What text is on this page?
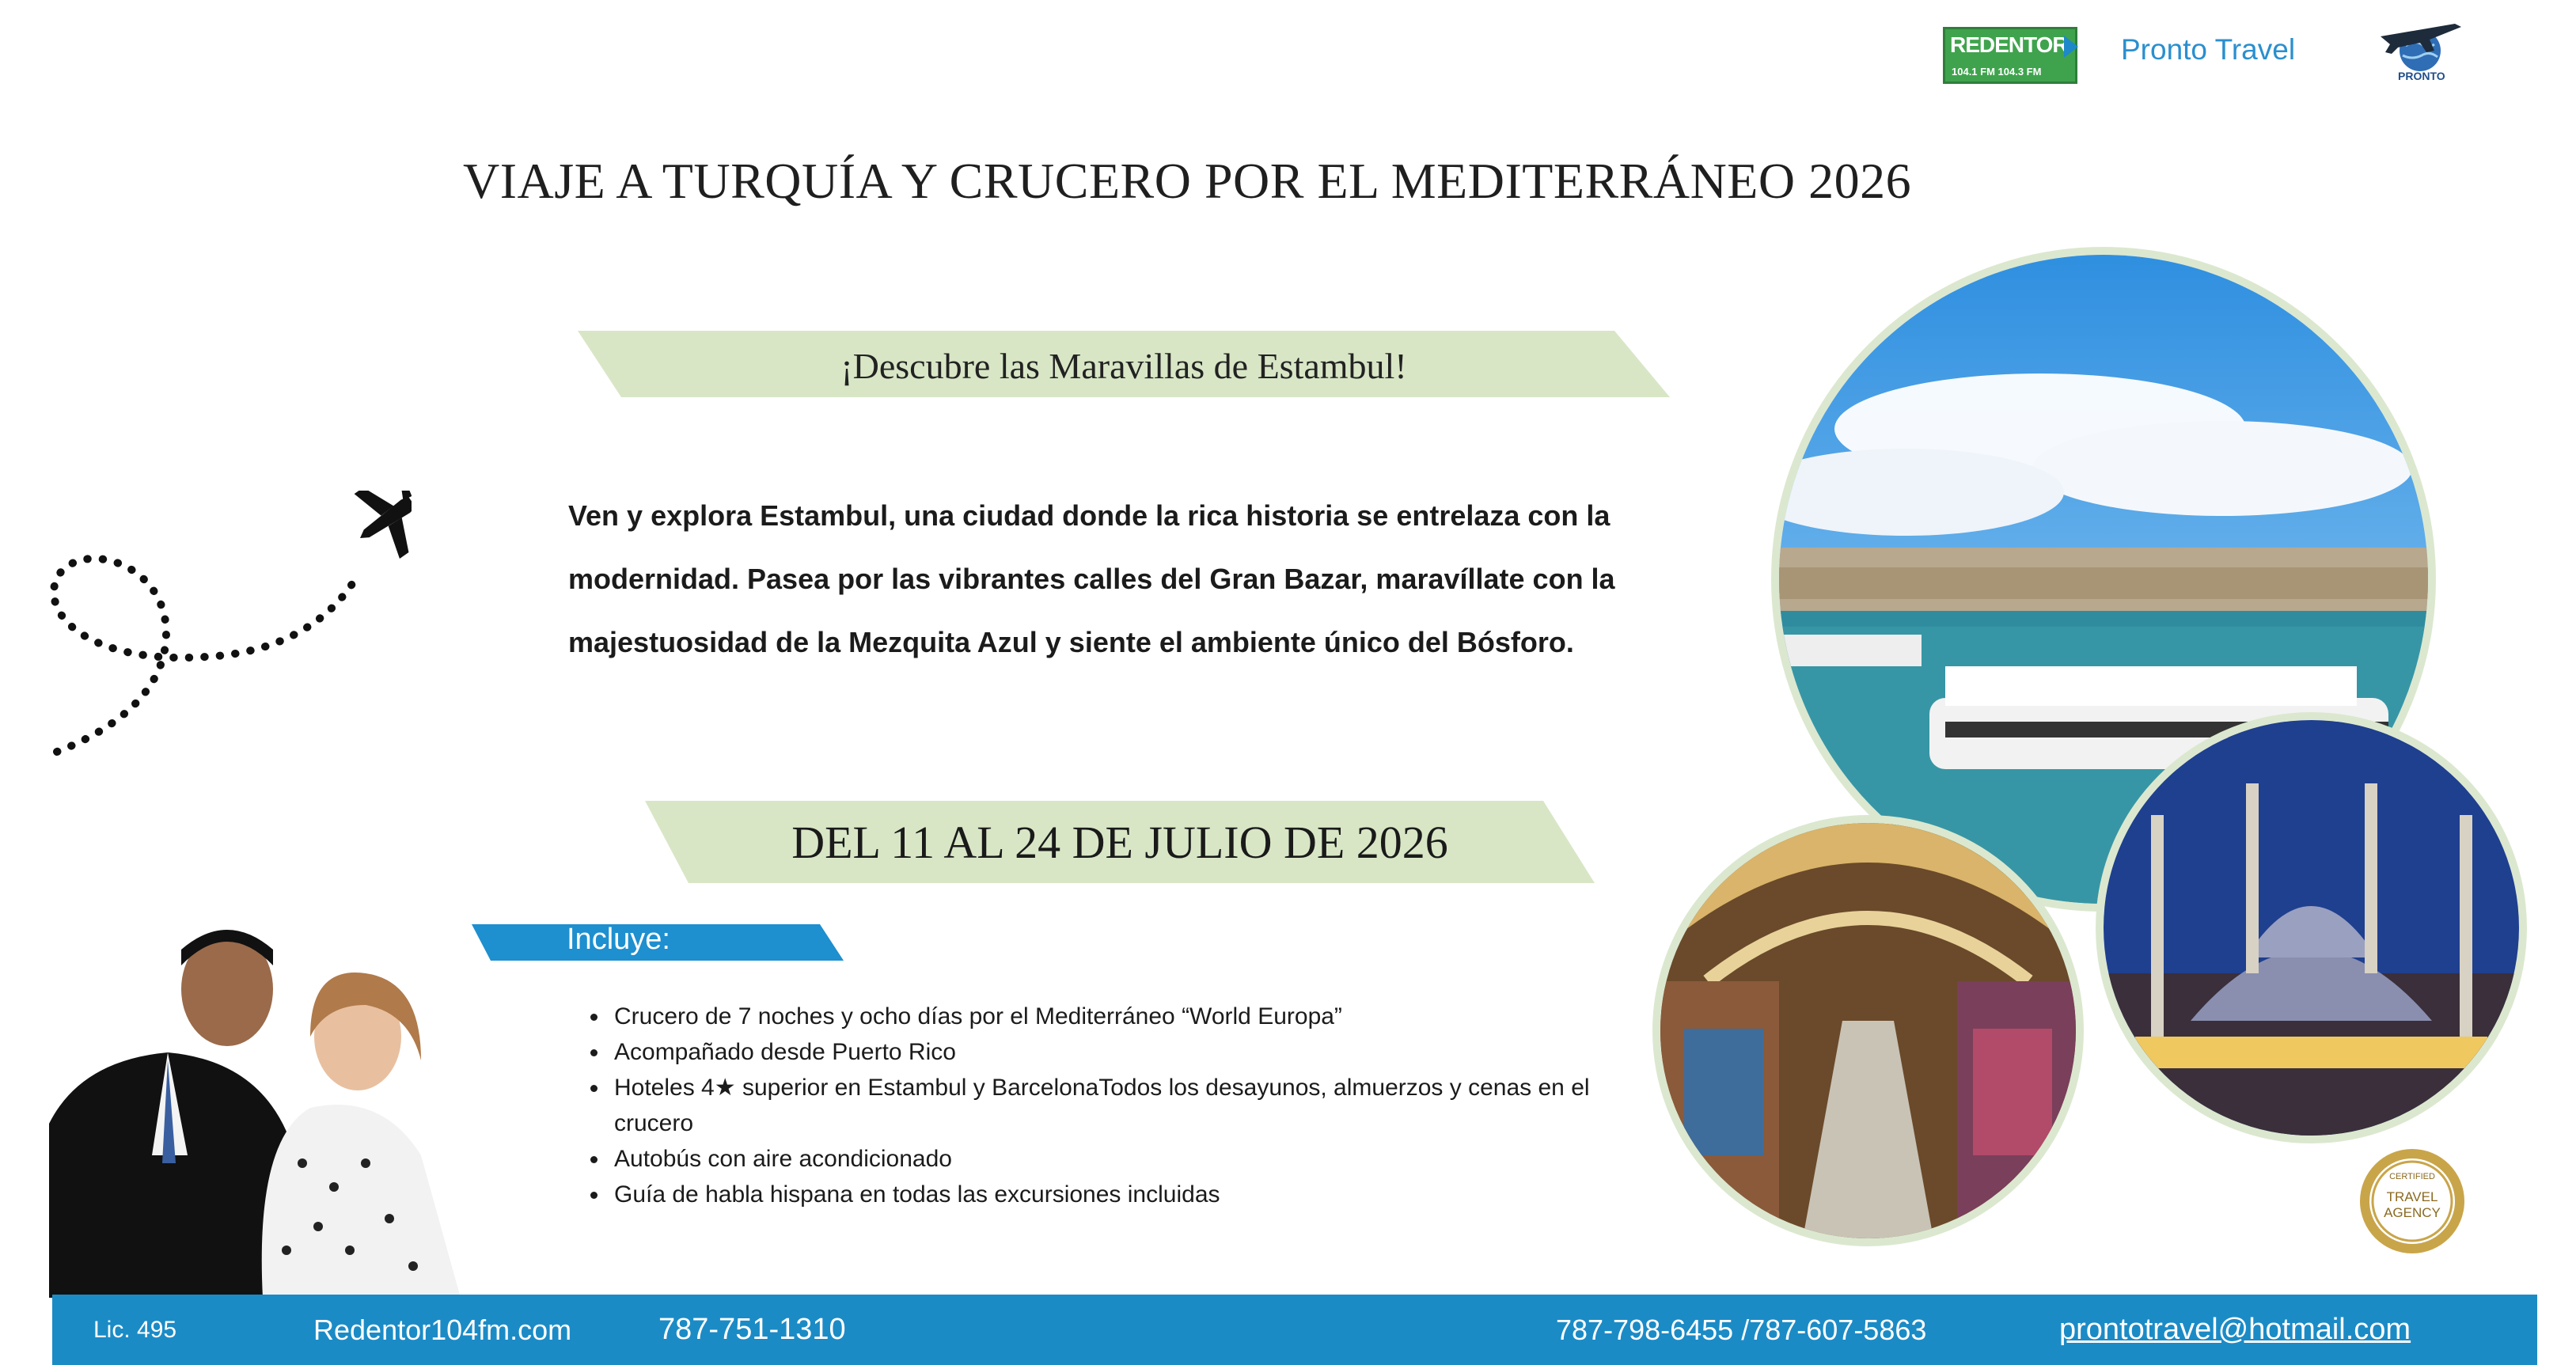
REDENTOR
104.1 FM 104.3 FM
Pronto Travel
PRONTO
VIAJE A TURQUÍA Y CRUCERO POR EL MEDITERRÁNEO 2026
¡Descubre las Maravillas de Estambul!
Ven y explora Estambul, una ciudad donde la rica historia se entrelaza con la
modernidad. Pasea por las vibrantes calles del Gran Bazar, maravíllate con la
majestuosidad de la Mezquita Azul y siente el ambiente único del Bósforo.
DEL 11 AL 24 DE JULIO DE 2026
Incluye:
• Crucero de 7 noches y ocho días por el Mediterráneo “World Europa”
• Acompañado desde Puerto Rico
• Hoteles 4★ superior en Estambul y BarcelonaTodos los desayunos, almuerzos y cenas en el crucero
• Autobús con aire acondicionado
• Guía de habla hispana en todas las excursiones incluidas
CERTIFIED
TRAVEL
AGENCY
Lic. 495	Redentor104fm.com	787-751-1310	787-798-6455 /787-607-5863	prontotravel@hotmail.com
